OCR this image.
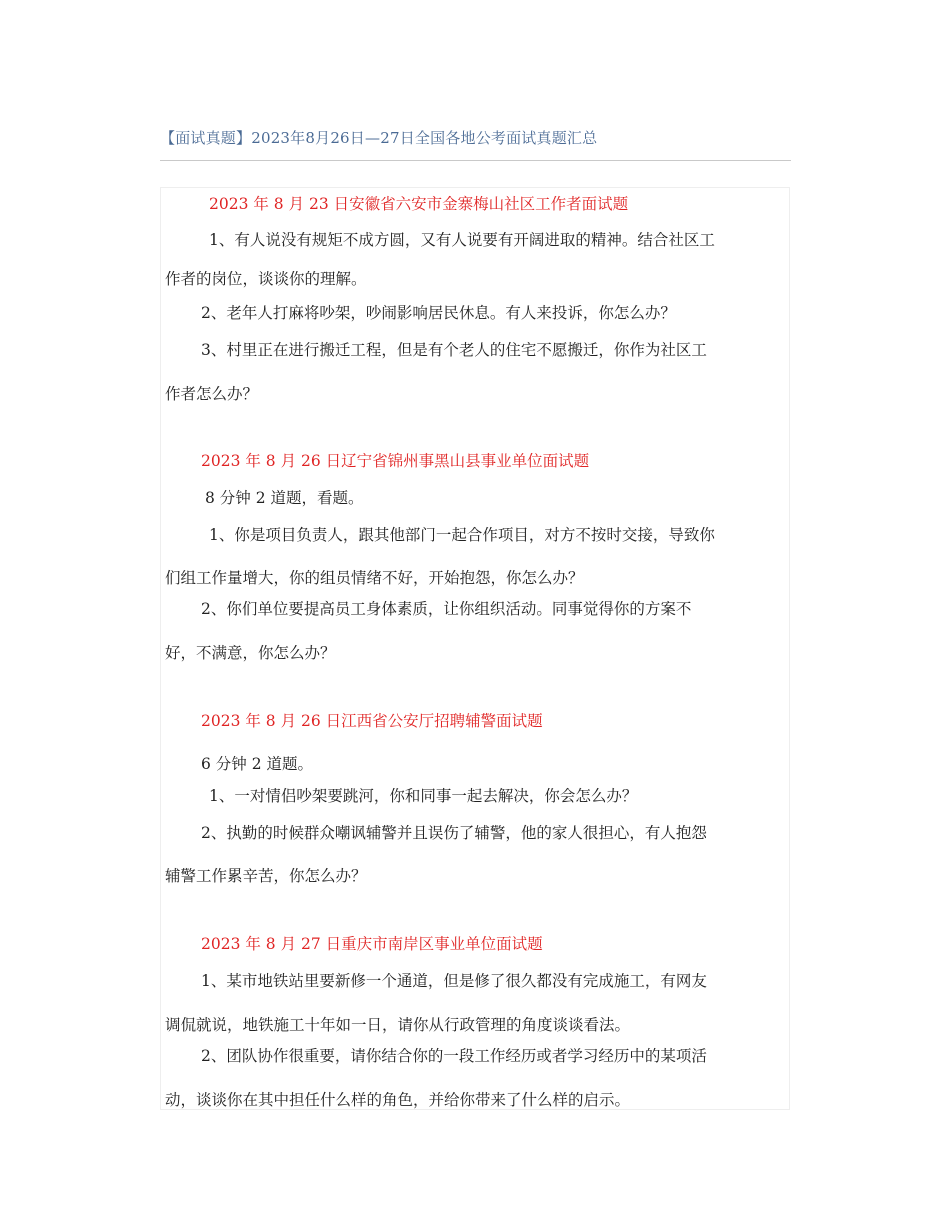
【面试真题】2023年8月26日—27日全国各地公考面试真题汇总
2023 年 8 月 23 日安徽省六安市金寨梅山社区工作者面试题
1、有人说没有规矩不成方圆，又有人说要有开阔进取的精神。结合社区工
作者的岗位，谈谈你的理解。
2、老年人打麻将吵架，吵闹影响居民休息。有人来投诉，你怎么办？
3、村里正在进行搬迁工程，但是有个老人的住宅不愿搬迁，你作为社区工
作者怎么办？
2023 年 8 月 26 日辽宁省锦州事黑山县事业单位面试题
8 分钟 2 道题，看题。
1、你是项目负责人，跟其他部门一起合作项目，对方不按时交接，导致你
们组工作量增大，你的组员情绪不好，开始抱怨，你怎么办？
2、你们单位要提高员工身体素质，让你组织活动。同事觉得你的方案不
好，不满意，你怎么办？
2023 年 8 月 26 日江西省公安厅招聘辅警面试题
6 分钟 2 道题。
1、一对情侣吵架要跳河，你和同事一起去解决，你会怎么办？
2、执勤的时候群众嘲讽辅警并且误伤了辅警，他的家人很担心，有人抱怨
辅警工作累辛苦，你怎么办？
2023 年 8 月 27 日重庆市南岸区事业单位面试题
1、某市地铁站里要新修一个通道，但是修了很久都没有完成施工，有网友
调侃就说，地铁施工十年如一日，请你从行政管理的角度谈谈看法。
2、团队协作很重要，请你结合你的一段工作经历或者学习经历中的某项活
动，谈谈你在其中担任什么样的角色，并给你带来了什么样的启示。
